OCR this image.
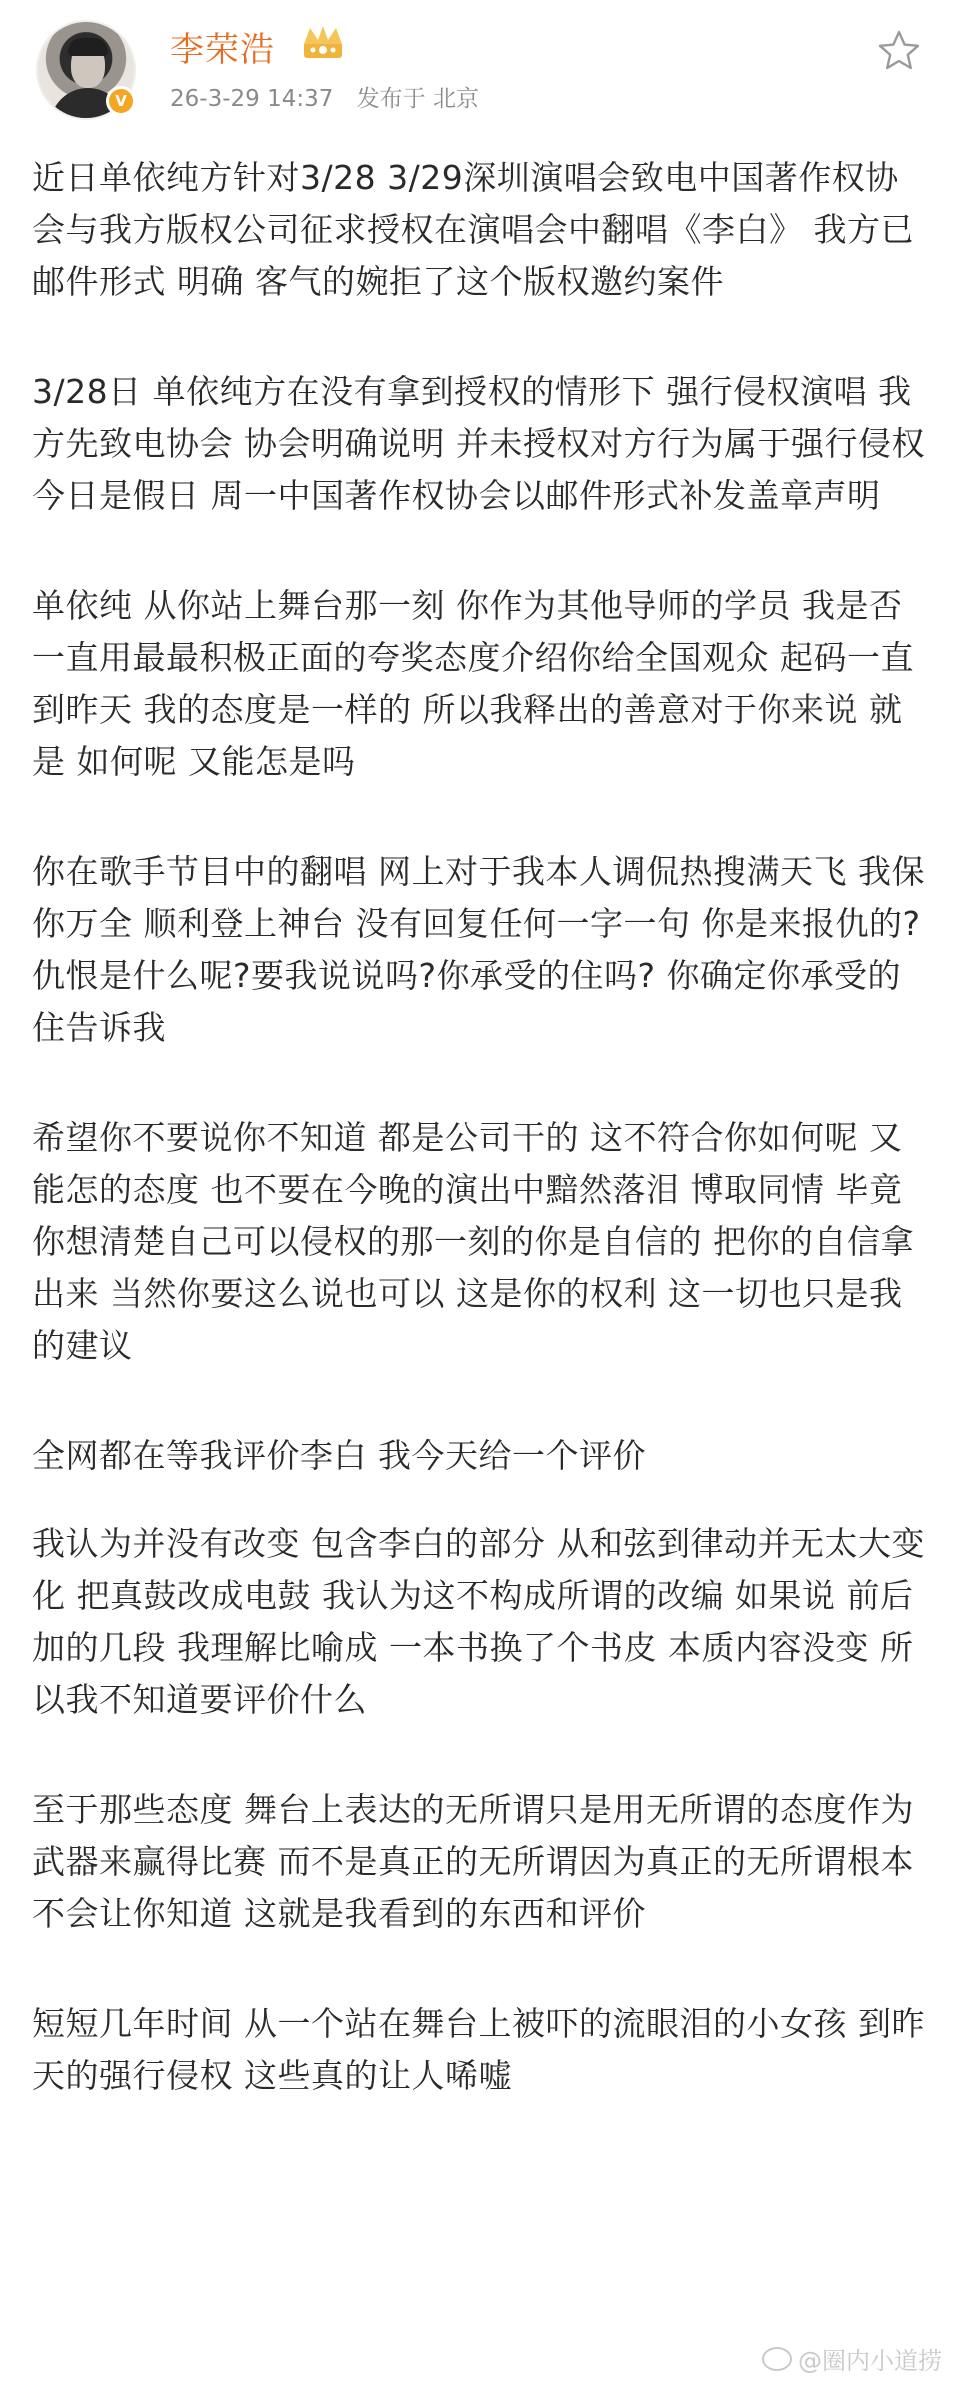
V
李荣浩
26-3-29 14:37 发布于 北京

近日单依纯方针对3/28 3/29深圳演唱会致电中国著作权协会与我方版权公司征求授权在演唱会中翻唱《李白》 我方已邮件形式 明确 客气的婉拒了这个版权邀约案件

3/28日 单依纯方在没有拿到授权的情形下 强行侵权演唱 我方先致电协会 协会明确说明 并未授权对方行为属于强行侵权 今日是假日 周一中国著作权协会以邮件形式补发盖章声明

单依纯 从你站上舞台那一刻 你作为其他导师的学员 我是否一直用最最积极正面的夸奖态度介绍你给全国观众 起码一直到昨天 我的态度是一样的 所以我释出的善意对于你来说 就是 如何呢 又能怎是吗

你在歌手节目中的翻唱 网上对于我本人调侃热搜满天飞 我保你万全 顺利登上神台 没有回复任何一字一句 你是来报仇的?仇恨是什么呢?要我说说吗?你承受的住吗? 你确定你承受的住告诉我

希望你不要说你不知道 都是公司干的 这不符合你如何呢 又能怎的态度 也不要在今晚的演出中黯然落泪 博取同情 毕竟你想清楚自己可以侵权的那一刻的你是自信的 把你的自信拿出来 当然你要这么说也可以 这是你的权利 这一切也只是我的建议

全网都在等我评价李白 我今天给一个评价

我认为并没有改变 包含李白的部分 从和弦到律动并无太大变化 把真鼓改成电鼓 我认为这不构成所谓的改编 如果说 前后加的几段 我理解比喻成 一本书换了个书皮 本质内容没变 所以我不知道要评价什么

至于那些态度 舞台上表达的无所谓只是用无所谓的态度作为武器来赢得比赛 而不是真正的无所谓因为真正的无所谓根本不会让你知道 这就是我看到的东西和评价

短短几年时间 从一个站在舞台上被吓的流眼泪的小女孩 到昨天的强行侵权 这些真的让人唏嘘

@圈内小道捞
